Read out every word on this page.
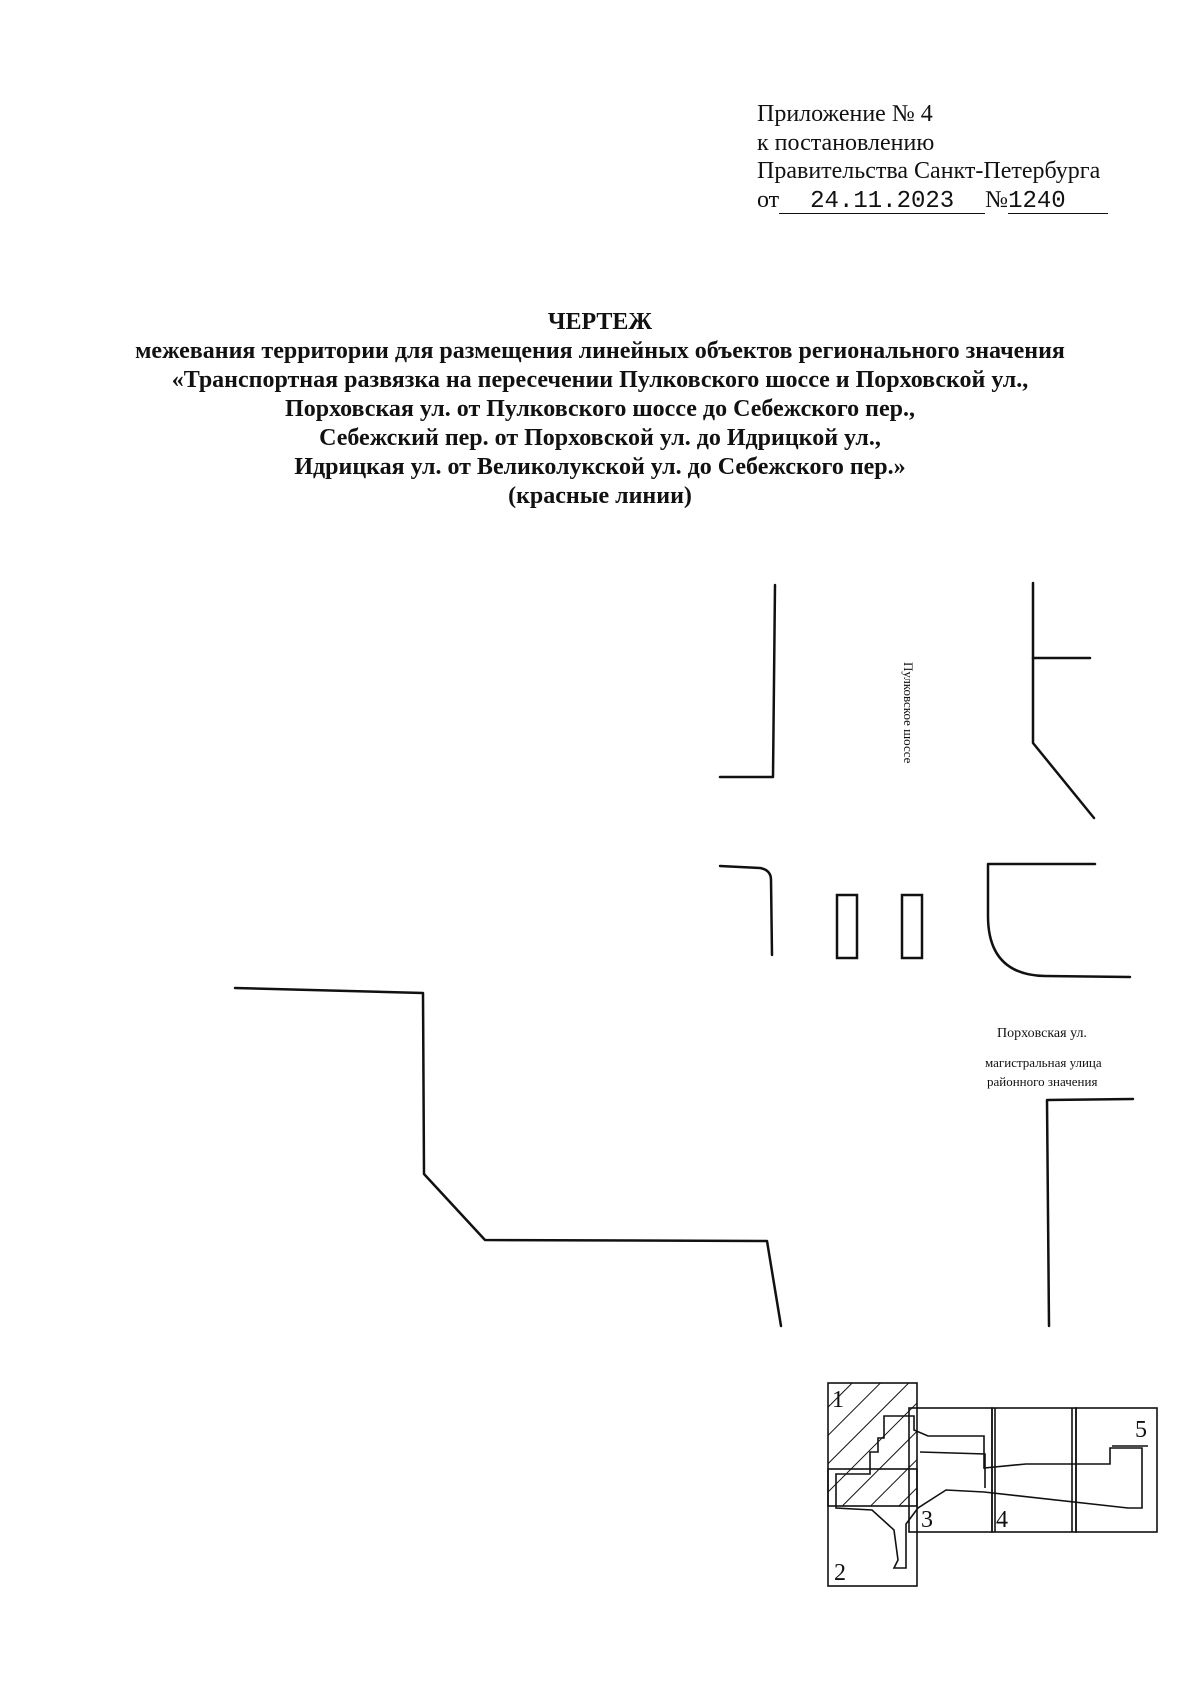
Приложение № 4
к постановлению
Правительства Санкт-Петербурга
от 24.11.2023 №1240
ЧЕРТЕЖ
межевания территории для размещения линейных объектов регионального значения
«Транспортная развязка на пересечении Пулковского шоссе и Порховской ул.,
Порховская ул. от Пулковского шоссе до Себежского пер.,
Себежский пер. от Порховской ул. до Идрицкой ул.,
Идрицкая ул. от Великолукской ул. до Себежского пер.»
(красные линии)
Пулковское шоссе
Порховская ул.
магистральная улица
районного значения
1
2
3	4
5
